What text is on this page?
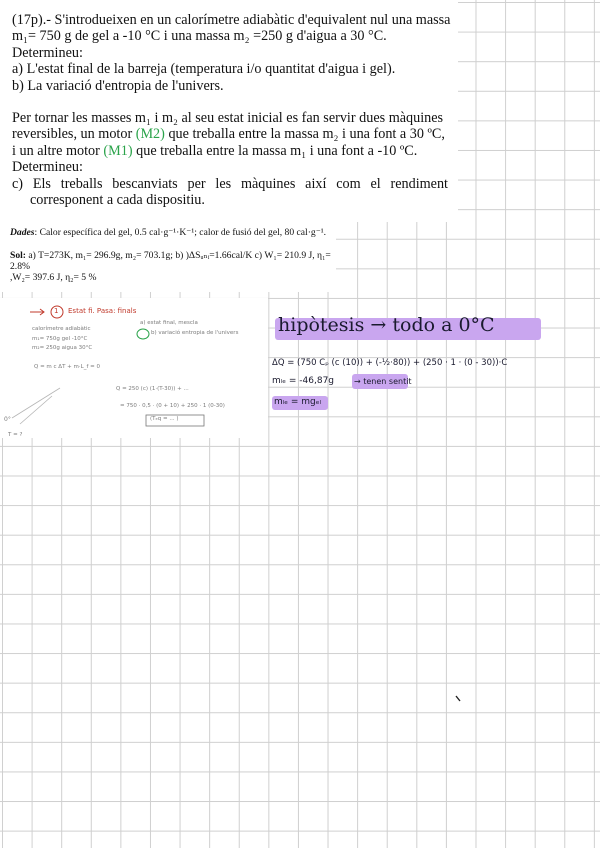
(17p).- S'introdueixen en un calorímetre adiabàtic d'equivalent nul una massa

m₁= 750 g de gel a -10 °C i una massa m₂ =250 g d'aigua a 30 °C.

Determineu:

a) L'estat final de la barreja (temperatura i/o quantitat d'aigua i gel).

b) La variació d'entropia de l'univers.

Per tornar les masses m₁ i m₂ al seu estat inicial es fan servir dues màquines

reversibles, un motor (M2) que treballa entre la massa m₂ i una font a 30 ºC,

i un altre motor (M1) que treballa entre la massa m₁ i una font a -10 ºC.

Determineu:

c) Els treballs bescanviats per les màquines així com el rendiment

corresponent a cada dispositiu.

Dades: Calor específica del gel, 0.5 cal·g⁻¹·K⁻¹; calor de fusió del gel, 80 cal·g⁻¹.

Sol: a) T=273K, m₁= 296.9g, m₂= 703.1g; b) )ΔSᵤₙᵢ=1.66cal/K c) W₁= 210.9 J, η₁= 2.8%

,W₂= 397.6 J, η₂= 5 %

1 Estat fi. Pasa: finals
calorímetre adiabàtic
m₁= 750g gel -10°C
m₂= 250g aigua 30°C
a) estat final, mescla
b) variació entropia de l'univers
Q = m c ΔT + m·L_f = 0
Q = 250 (c) (1·(T-30)) + ...
= 750 · 0,5 · (0 + 10) + 250 · 1 (0-30)
(Tₑq = ... )
0°
T = ?
hipòtesis → todo a 0°C
ΔQ = (750 Cₚ (c (10)) + (-½·80)) + (250 · 1 · (0 - 30))·C
mₗₑ = -46,87g → tenen sentit
mₗₑ = mgₑₗ
